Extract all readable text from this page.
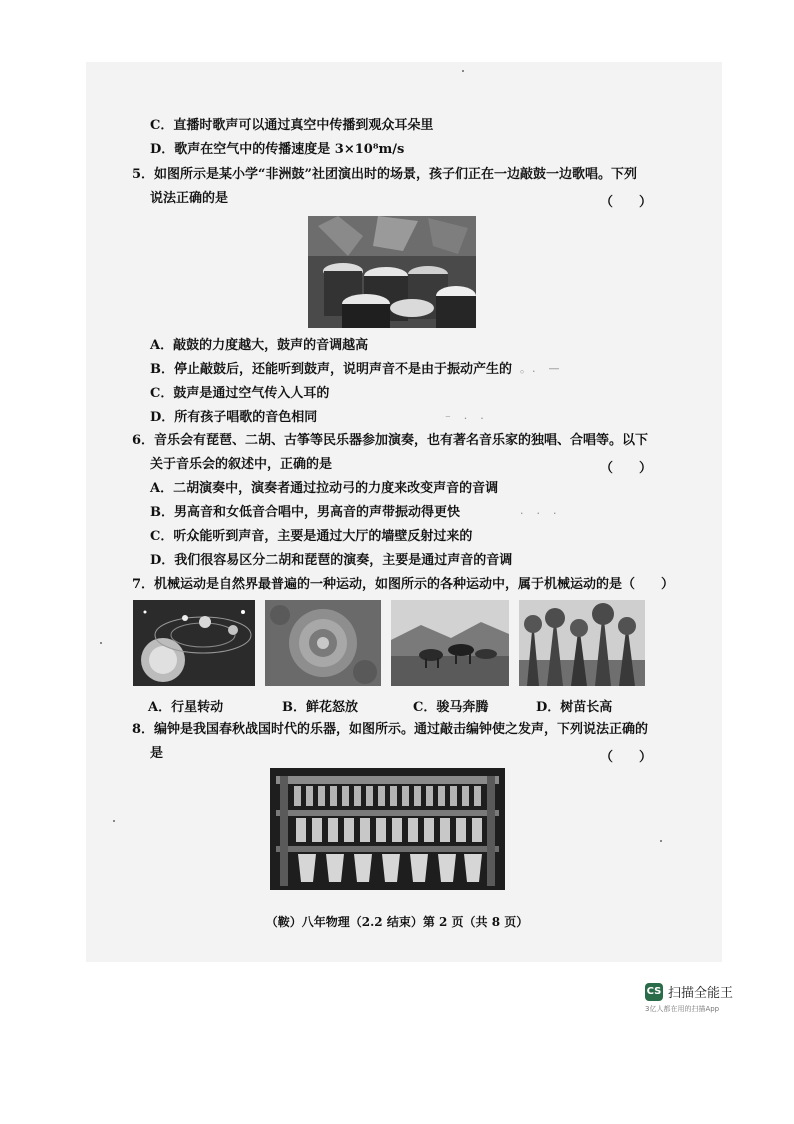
C．直播时歌声可以通过真空中传播到观众耳朵里
D．歌声在空气中的传播速度是 3×10⁸m/s
5．如图所示是某小学“非洲鼓”社团演出时的场景，孩子们正在一边敲鼓一边歌唱。下列
说法正确的是	（　　）
A．敲鼓的力度越大，鼓声的音调越高
B．停止敲鼓后，还能听到鼓声，说明声音不是由于振动产生的
C．鼓声是通过空气传入人耳的
D．所有孩子唱歌的音色相同
6．音乐会有琵琶、二胡、古筝等民乐器参加演奏，也有著名音乐家的独唱、合唱等。以下
关于音乐会的叙述中，正确的是	（　　）
A．二胡演奏中，演奏者通过拉动弓的力度来改变声音的音调
B．男高音和女低音合唱中，男高音的声带振动得更快
C．听众能听到声音，主要是通过大厅的墙壁反射过来的
D．我们很容易区分二胡和琵琶的演奏，主要是通过声音的音调
7．机械运动是自然界最普遍的一种运动，如图所示的各种运动中，属于机械运动的是（　　）
A．行星转动	B．鲜花怒放	C．骏马奔腾	D．树苗长高
8．编钟是我国春秋战国时代的乐器，如图所示。通过敲击编钟使之发声，下列说法正确的
是	（　　）
（鞍）八年物理（2.2 结束）第 2 页（共 8 页）
。.　—
⁻　·　·
·　·　·
CS 扫描全能王
3亿人都在用的扫描App
